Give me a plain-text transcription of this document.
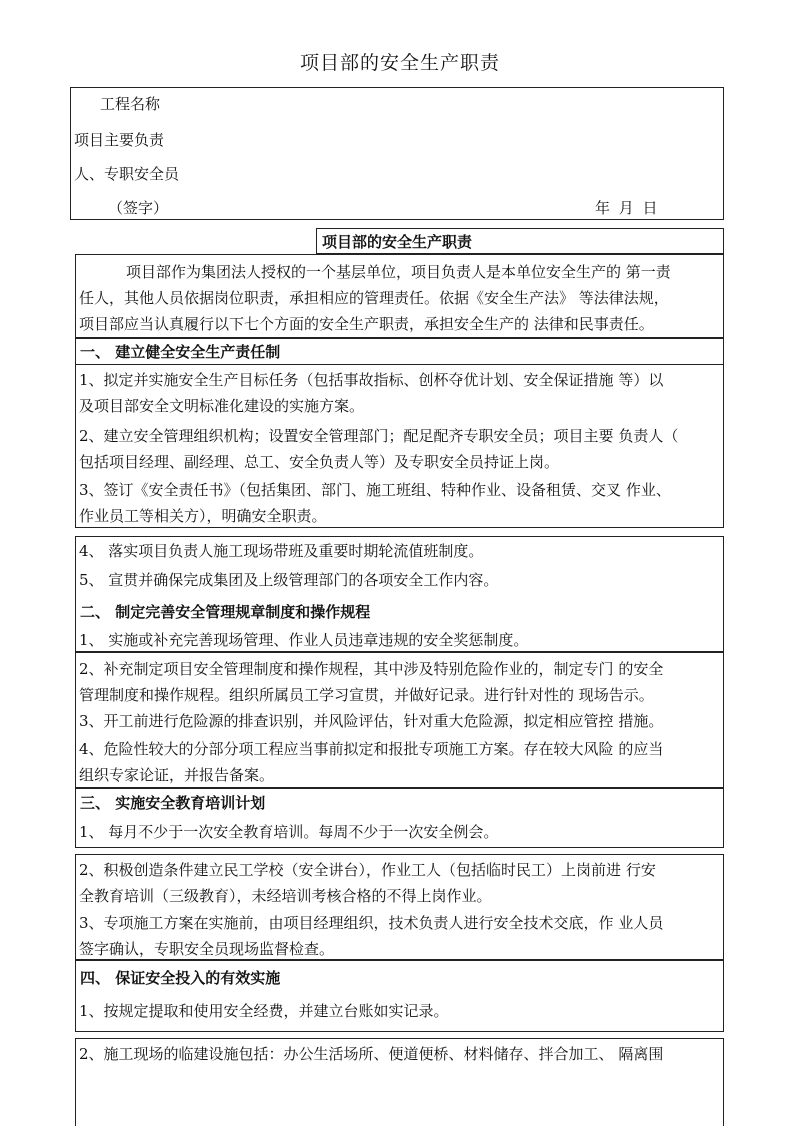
项目部的安全生产职责
工程名称
项目主要负责
人、专职安全员
（签字）	年 月 日
项目部的安全生产职责
项目部作为集团法人授权的一个基层单位，项目负责人是本单位安全生产的 第一责
任人，其他人员依据岗位职责，承担相应的管理责任。依据《安全生产法》 等法律法规，
项目部应当认真履行以下七个方面的安全生产职责，承担安全生产的 法律和民事责任。
一、 建立健全安全生产责任制
1、拟定并实施安全生产目标任务（包括事故指标、创杯夺优计划、安全保证措施 等）以
及项目部安全文明标准化建设的实施方案。
2、建立安全管理组织机构；设置安全管理部门；配足配齐专职安全员；项目主要 负责人（
包括项目经理、副经理、总工、安全负责人等）及专职安全员持证上岗。
3、签订《安全责任书》（包括集团、部门、施工班组、特种作业、设备租赁、交叉 作业、
作业员工等相关方），明确安全职责。
4、 落实项目负责人施工现场带班及重要时期轮流值班制度。
5、 宣贯并确保完成集团及上级管理部门的各项安全工作内容。
二、 制定完善安全管理规章制度和操作规程
1、 实施或补充完善现场管理、作业人员违章违规的安全奖惩制度。
2、补充制定项目安全管理制度和操作规程，其中涉及特别危险作业的，制定专门 的安全
管理制度和操作规程。组织所属员工学习宣贯，并做好记录。进行针对性的 现场告示。
3、开工前进行危险源的排查识别，并风险评估，针对重大危险源，拟定相应管控 措施。
4、危险性较大的分部分项工程应当事前拟定和报批专项施工方案。存在较大风险 的应当
组织专家论证，并报告备案。
三、 实施安全教育培训计划
1、 每月不少于一次安全教育培训。每周不少于一次安全例会。
2、积极创造条件建立民工学校（安全讲台），作业工人（包括临时民工）上岗前进 行安
全教育培训（三级教育），未经培训考核合格的不得上岗作业。
3、专项施工方案在实施前，由项目经理组织，技术负责人进行安全技术交底，作 业人员
签字确认，专职安全员现场监督检查。
四、 保证安全投入的有效实施
1、按规定提取和使用安全经费，并建立台账如实记录。
2、施工现场的临建设施包括：办公生活场所、便道便桥、材料储存、拌合加工、 隔离围
